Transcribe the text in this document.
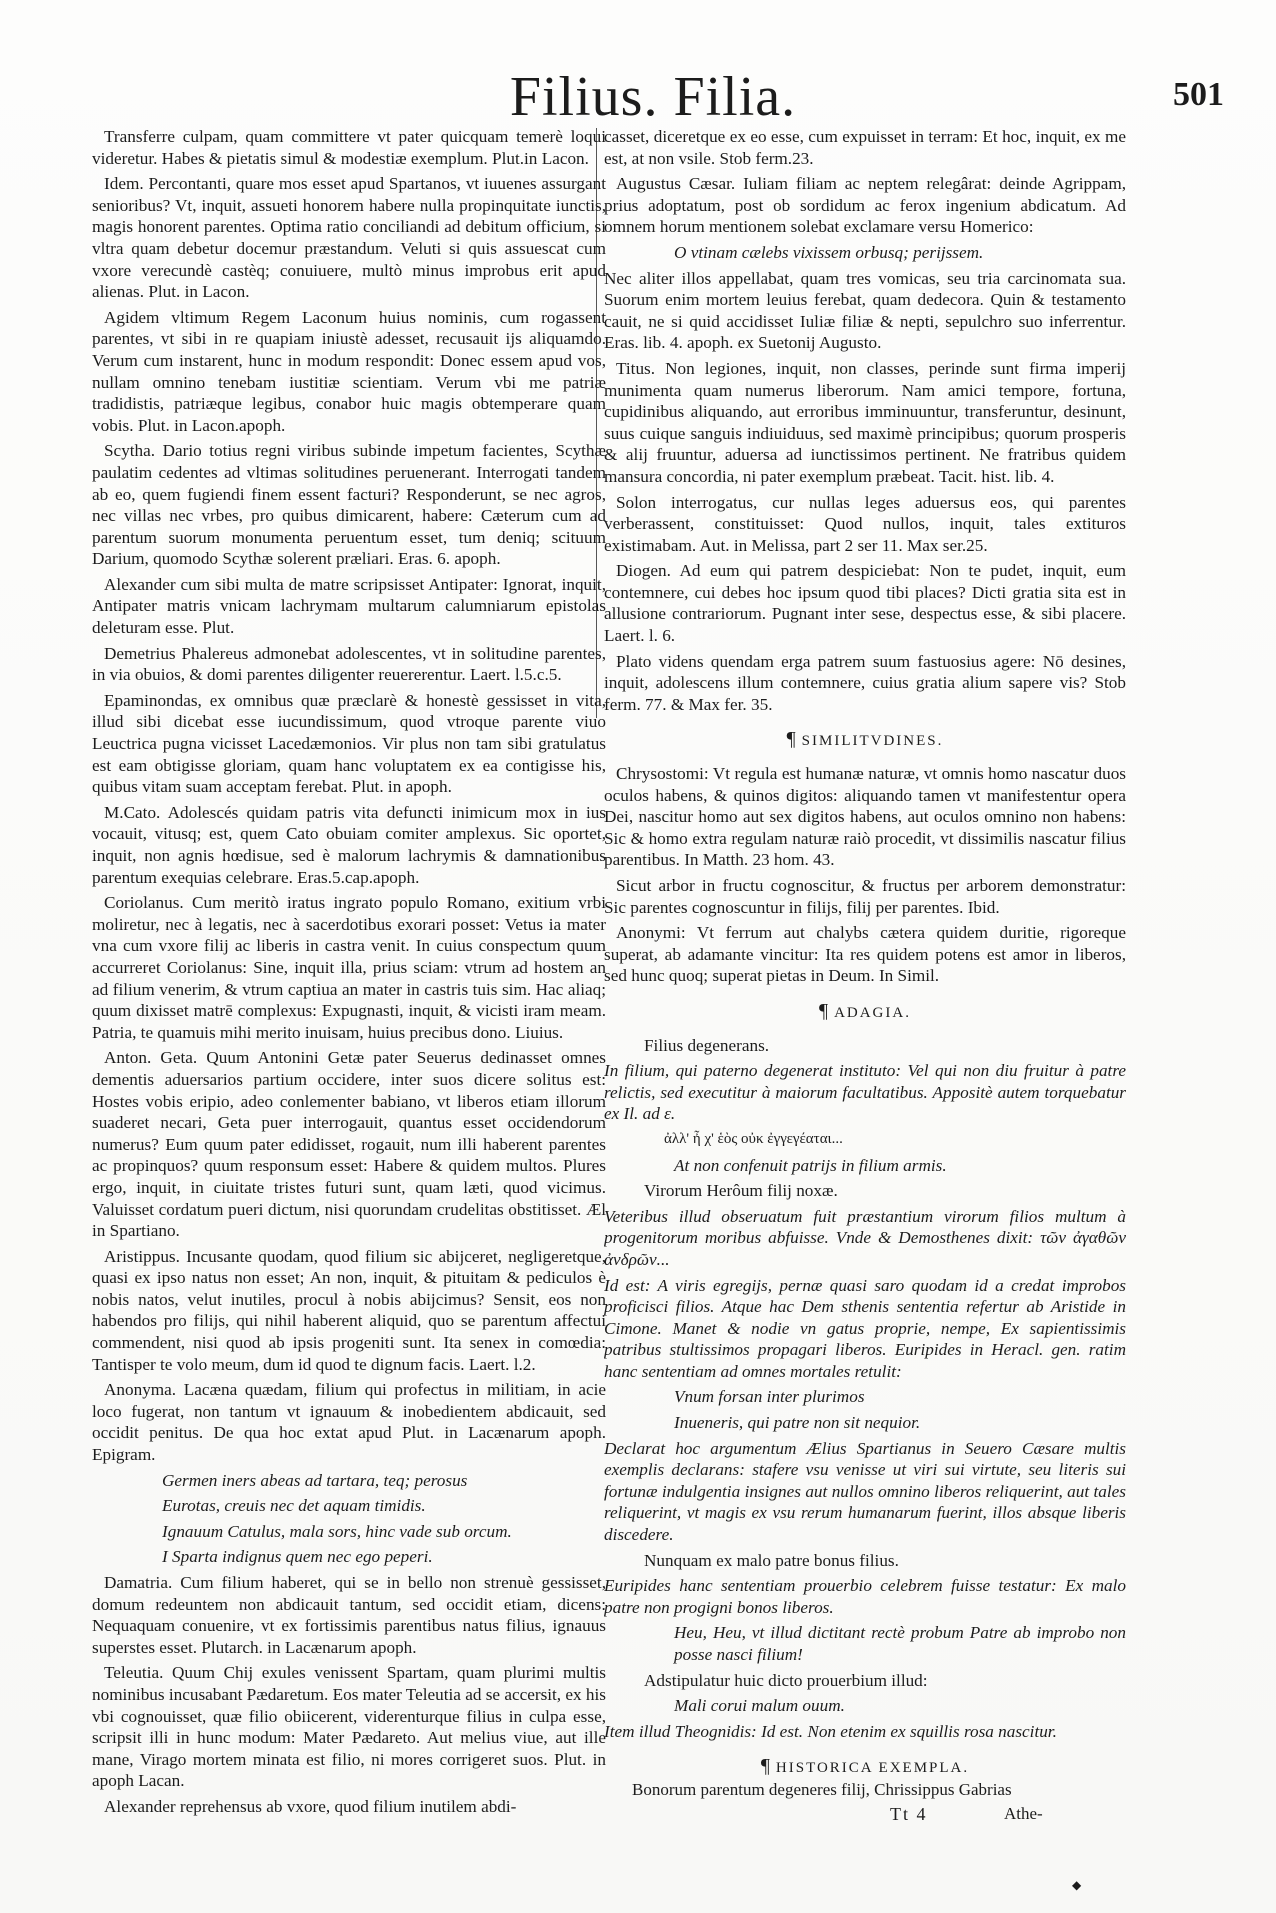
Filius. Filia.	501

Transferre culpam, quam committere vt pater quicquam temerè loqui videretur. Habes & pietatis simul & modestiæ exemplum. Plut.in Lacon.

Idem. Percontanti, quare mos esset apud Spartanos, vt iuuenes assurgant senioribus? Vt, inquit, assueti honorem habere nulla propinquitate iunctis, magis honorent parentes. Optima ratio conciliandi ad debitum officium, si vltra quam debetur docemur præstandum. Veluti si quis assuescat cum vxore verecundè castèq; conuiuere, multò minus improbus erit apud alienas. Plut. in Lacon.

Agidem vltimum Regem Laconum huius nominis, cum rogassent parentes, vt sibi in re quapiam iniustè adesset, recusauit ijs aliquamdo. Verum cum instarent, hunc in modum respondit: Donec essem apud vos, nullam omnino tenebam iustitiæ scientiam. Verum vbi me patriæ tradidistis, patriæque legibus, conabor huic magis obtemperare quam vobis. Plut. in Lacon.apoph.

Scytha. Dario totius regni viribus subinde impetum facientes, Scythæ paulatim cedentes ad vltimas solitudines peruenerant. Interrogati tandem ab eo, quem fugiendi finem essent facturi? Responderunt, se nec agros, nec villas nec vrbes, pro quibus dimicarent, habere: Cæterum cum ad parentum suorum monumenta peruentum esset, tum deniq; scituum Darium, quomodo Scythæ solerent præliari. Eras. 6. apoph.

Alexander cum sibi multa de matre scripsisset Antipater: Ignorat, inquit, Antipater matris vnicam lachrymam multarum calumniarum epistolas deleturam esse. Plut.

Demetrius Phalereus admonebat adolescentes, vt in solitudine parentes, in via obuios, & domi parentes diligenter reuererentur. Laert. l.5.c.5.

Epaminondas, ex omnibus quæ præclarè & honestè gessisset in vita, illud sibi dicebat esse iucundissimum, quod vtroque parente viuo Leuctrica pugna vicisset Lacedæmonios. Vir plus non tam sibi gratulatus est eam obtigisse gloriam, quam hanc voluptatem ex ea contigisse his, quibus vitam suam acceptam ferebat. Plut. in apoph.

M.Cato. Adolescés quidam patris vita defuncti inimicum mox in ius vocauit, vitusq; est, quem Cato obuiam comiter amplexus. Sic oportet, inquit, non agnis hœdisue, sed è malorum lachrymis & damnationibus parentum exequias celebrare. Eras.5.cap.apoph.

Coriolanus. Cum meritò iratus ingrato populo Romano, exitium vrbi moliretur, nec à legatis, nec à sacerdotibus exorari posset: Vetus ia mater vna cum vxore filij ac liberis in castra venit. In cuius conspectum quum accurreret Coriolanus: Sine, inquit illa, prius sciam: vtrum ad hostem an ad filium venerim, & vtrum captiua an mater in castris tuis sim. Hac aliaq; quum dixisset matrē complexus: Expugnasti, inquit, & vicisti iram meam. Patria, te quamuis mihi merito inuisam, huius precibus dono. Liuius.

Anton. Geta. Quum Antonini Getæ pater Seuerus dedinasset omnes dementis aduersarios partium occidere, inter suos dicere solitus est: Hostes vobis eripio, adeo conlementer babiano, vt liberos etiam illorum suaderet necari, Geta puer interrogauit, quantus esset occidendorum numerus? Eum quum pater edidisset, rogauit, num illi haberent parentes ac propinquos? quum responsum esset: Habere & quidem multos. Plures ergo, inquit, in ciuitate tristes futuri sunt, quam læti, quod vicimus. Valuisset cordatum pueri dictum, nisi quorundam crudelitas obstitisset. Æl in Spartiano.

Aristippus. Incusante quodam, quod filium sic abijceret, negligeretque, quasi ex ipso natus non esset; An non, inquit, & pituitam & pediculos è nobis natos, velut inutiles, procul à nobis abijcimus? Sensit, eos non habendos pro filijs, qui nihil haberent aliquid, quo se parentum affectui commendent, nisi quod ab ipsis progeniti sunt. Ita senex in comœdia: Tantisper te volo meum, dum id quod te dignum facis. Laert. l.2.

Anonyma. Lacæna quædam, filium qui profectus in militiam, in acie loco fugerat, non tantum vt ignauum & inobedientem abdicauit, sed occidit penitus. De qua hoc extat apud Plut. in Lacænarum apoph. Epigram.

Germen iners abeas ad tartara, teq; perosus

Eurotas, creuis nec det aquam timidis.

Ignauum Catulus, mala sors, hinc vade sub orcum.

I Sparta indignus quem nec ego peperi.

Damatria. Cum filium haberet, qui se in bello non strenuè gessisset, domum redeuntem non abdicauit tantum, sed occidit etiam, dicens: Nequaquam conuenire, vt ex fortissimis parentibus natus filius, ignauus superstes esset. Plutarch. in Lacænarum apoph.

Teleutia. Quum Chij exules venissent Spartam, quam plurimi multis nominibus incusabant Pædaretum. Eos mater Teleutia ad se accersit, ex his vbi cognouisset, quæ filio obiicerent, viderenturque filius in culpa esse, scripsit illi in hunc modum: Mater Pædareto. Aut melius viue, aut ille mane, Virago mortem minata est filio, ni mores corrigeret suos. Plut. in apoph Lacan.

Alexander reprehensus ab vxore, quod filium inutilem abdi-

casset, diceretque ex eo esse, cum expuisset in terram: Et hoc, inquit, ex me est, at non vsile. Stob ferm.23.

Augustus Cæsar. Iuliam filiam ac neptem relegârat: deinde Agrippam, prius adoptatum, post ob sordidum ac ferox ingenium abdicatum. Ad omnem horum mentionem solebat exclamare versu Homerico:

O vtinam cælebs vixissem orbusq; perijssem.

Nec aliter illos appellabat, quam tres vomicas, seu tria carcinomata sua. Suorum enim mortem leuius ferebat, quam dedecora. Quin & testamento cauit, ne si quid accidisset Iuliæ filiæ & nepti, sepulchro suo inferrentur. Eras. lib. 4. apoph. ex Suetonij Augusto.

Titus. Non legiones, inquit, non classes, perinde sunt firma imperij munimenta quam numerus liberorum. Nam amici tempore, fortuna, cupidinibus aliquando, aut erroribus imminuuntur, transferuntur, desinunt, suus cuique sanguis indiuiduus, sed maximè principibus; quorum prosperis & alij fruuntur, aduersa ad iunctissimos pertinent. Ne fratribus quidem mansura concordia, ni pater exemplum præbeat. Tacit. hist. lib. 4.

Solon interrogatus, cur nullas leges aduersus eos, qui parentes verberassent, constituisset: Quod nullos, inquit, tales extituros existimabam. Aut. in Melissa, part 2 ser 11. Max ser.25.

Diogen. Ad eum qui patrem despiciebat: Non te pudet, inquit, eum contemnere, cui debes hoc ipsum quod tibi places? Dicti gratia sita est in allusione contrariorum. Pugnant inter sese, despectus esse, & sibi placere. Laert. l. 6.

Plato videns quendam erga patrem suum fastuosius agere: Nō desines, inquit, adolescens illum contemnere, cuius gratia alium sapere vis? Stob ferm. 77. & Max fer. 35.

¶ SIMILITVDINES.

Chrysostomi: Vt regula est humanæ naturæ, vt omnis homo nascatur duos oculos habens, & quinos digitos: aliquando tamen vt manifestentur opera Dei, nascitur homo aut sex digitos habens, aut oculos omnino non habens: Sic & homo extra regulam naturæ raiò procedit, vt dissimilis nascatur filius parentibus. In Matth. 23 hom. 43.

Sicut arbor in fructu cognoscitur, & fructus per arborem demonstratur: Sic parentes cognoscuntur in filijs, filij per parentes. Ibid.

Anonymi: Vt ferrum aut chalybs cætera quidem duritie, rigoreque superat, ab adamante vincitur: Ita res quidem potens est amor in liberos, sed hunc quoq; superat pietas in Deum. In Simil.

¶ ADAGIA.

Filius degenerans.

In filium, qui paterno degenerat instituto: Vel qui non diu fruitur à patre relictis, sed executitur à maiorum facultatibus. Appositè autem torquebatur ex Il. ad ε.

ἀλλ' ἦ χ' ἑὸς οὐκ ἐγγεγέαται...

At non confenuit patrijs in filium armis.

Virorum Herôum filij noxæ.

Veteribus illud obseruatum fuit præstantium virorum filios multum à progenitorum moribus abfuisse. Vnde & Demosthenes dixit: τῶν ἀγαθῶν ἀνδρῶν...

Id est: A viris egregijs, pernæ quasi saro quodam id a credat improbos proficisci filios. Atque hac Dem sthenis sententia refertur ab Aristide in Cimone. Manet & nodie vn gatus proprie, nempe, Ex sapientissimis patribus stultissimos propagari liberos. Euripides in Heracl. gen. ratim hanc sententiam ad omnes mortales retulit:

Vnum forsan inter plurimos

Inueneris, qui patre non sit nequior.

Declarat hoc argumentum Ælius Spartianus in Seuero Cæsare multis exemplis declarans: stafere vsu venisse ut viri sui virtute, seu literis sui fortunæ indulgentia insignes aut nullos omnino liberos reliquerint, aut tales reliquerint, vt magis ex vsu rerum humanarum fuerint, illos absque liberis discedere.

Nunquam ex malo patre bonus filius.

Euripides hanc sententiam prouerbio celebrem fuisse testatur: Ex malo patre non progigni bonos liberos.

Heu, Heu, vt illud dictitant rectè probum Patre ab improbo non posse nasci filium!

Adstipulatur huic dicto prouerbium illud:

Mali corui malum ouum.

Item illud Theognidis: Id est. Non etenim ex squillis rosa nascitur.

¶ HISTORICA EXEMPLA.
Bonorum parentum degeneres filij, Chrissippus Gabrias
Tt 4	Athe-
◆
